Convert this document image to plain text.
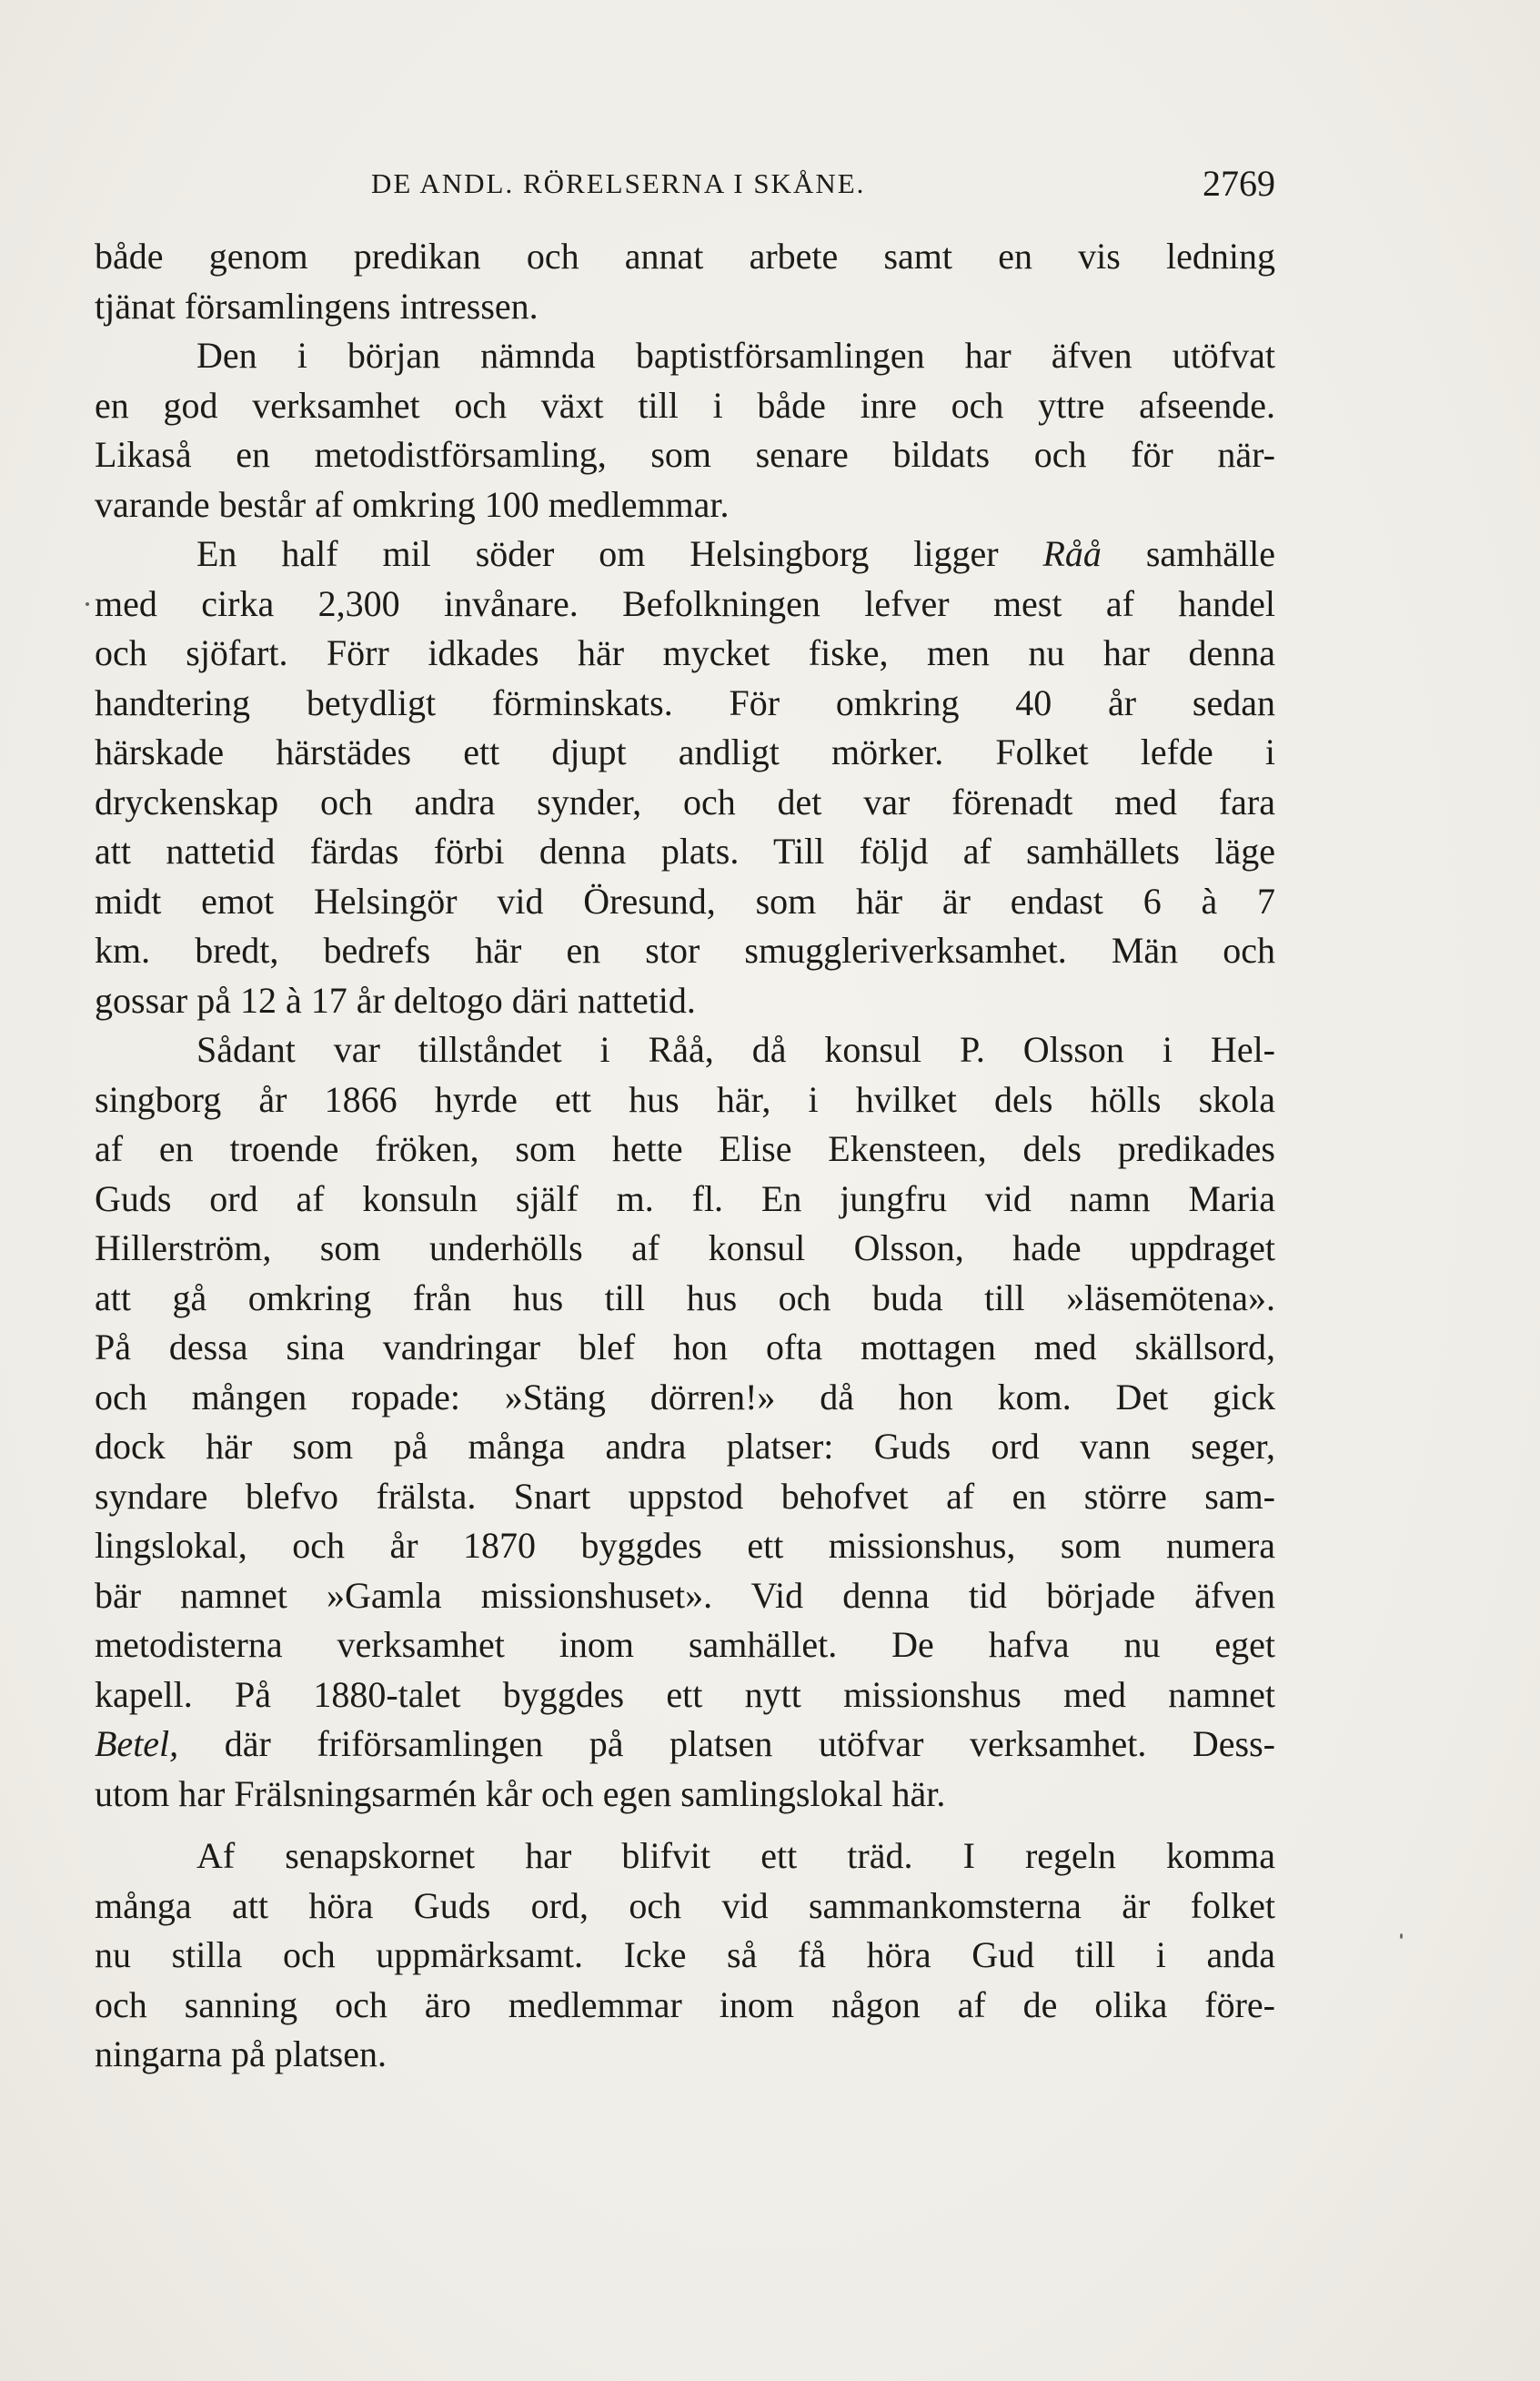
DE ANDL. RÖRELSERNA I SKÅNE.	2769
både genom predikan och annat arbete samt en vis ledning
tjänat församlingens intressen.
Den i början nämnda baptistförsamlingen har äfven utöfvat
en god verksamhet och växt till i både inre och yttre afseende.
Likaså en metodistförsamling, som senare bildats och för när-
varande består af omkring 100 medlemmar.
En half mil söder om Helsingborg ligger Råå samhälle
med cirka 2,300 invånare. Befolkningen lefver mest af handel
och sjöfart. Förr idkades här mycket fiske, men nu har denna
handtering betydligt förminskats. För omkring 40 år sedan
härskade härstädes ett djupt andligt mörker. Folket lefde i
dryckenskap och andra synder, och det var förenadt med fara
att nattetid färdas förbi denna plats. Till följd af samhällets läge
midt emot Helsingör vid Öresund, som här är endast 6 à 7
km. bredt, bedrefs här en stor smuggleriverksamhet. Män och
gossar på 12 à 17 år deltogo däri nattetid.
Sådant var tillståndet i Råå, då konsul P. Olsson i Hel-
singborg år 1866 hyrde ett hus här, i hvilket dels hölls skola
af en troende fröken, som hette Elise Ekensteen, dels predikades
Guds ord af konsuln själf m. fl. En jungfru vid namn Maria
Hillerström, som underhölls af konsul Olsson, hade uppdraget
att gå omkring från hus till hus och buda till »läsemötena».
På dessa sina vandringar blef hon ofta mottagen med skällsord,
och mången ropade: »Stäng dörren!» då hon kom. Det gick
dock här som på många andra platser: Guds ord vann seger,
syndare blefvo frälsta. Snart uppstod behofvet af en större sam-
lingslokal, och år 1870 byggdes ett missionshus, som numera
bär namnet »Gamla missionshuset». Vid denna tid började äfven
metodisterna verksamhet inom samhället. De hafva nu eget
kapell. På 1880-talet byggdes ett nytt missionshus med namnet
Betel, där friförsamlingen på platsen utöfvar verksamhet. Dess-
utom har Frälsningsarmén kår och egen samlingslokal här.
Af senapskornet har blifvit ett träd. I regeln komma
många att höra Guds ord, och vid sammankomsterna är folket
nu stilla och uppmärksamt. Icke så få höra Gud till i anda
och sanning och äro medlemmar inom någon af de olika före-
ningarna på platsen.
